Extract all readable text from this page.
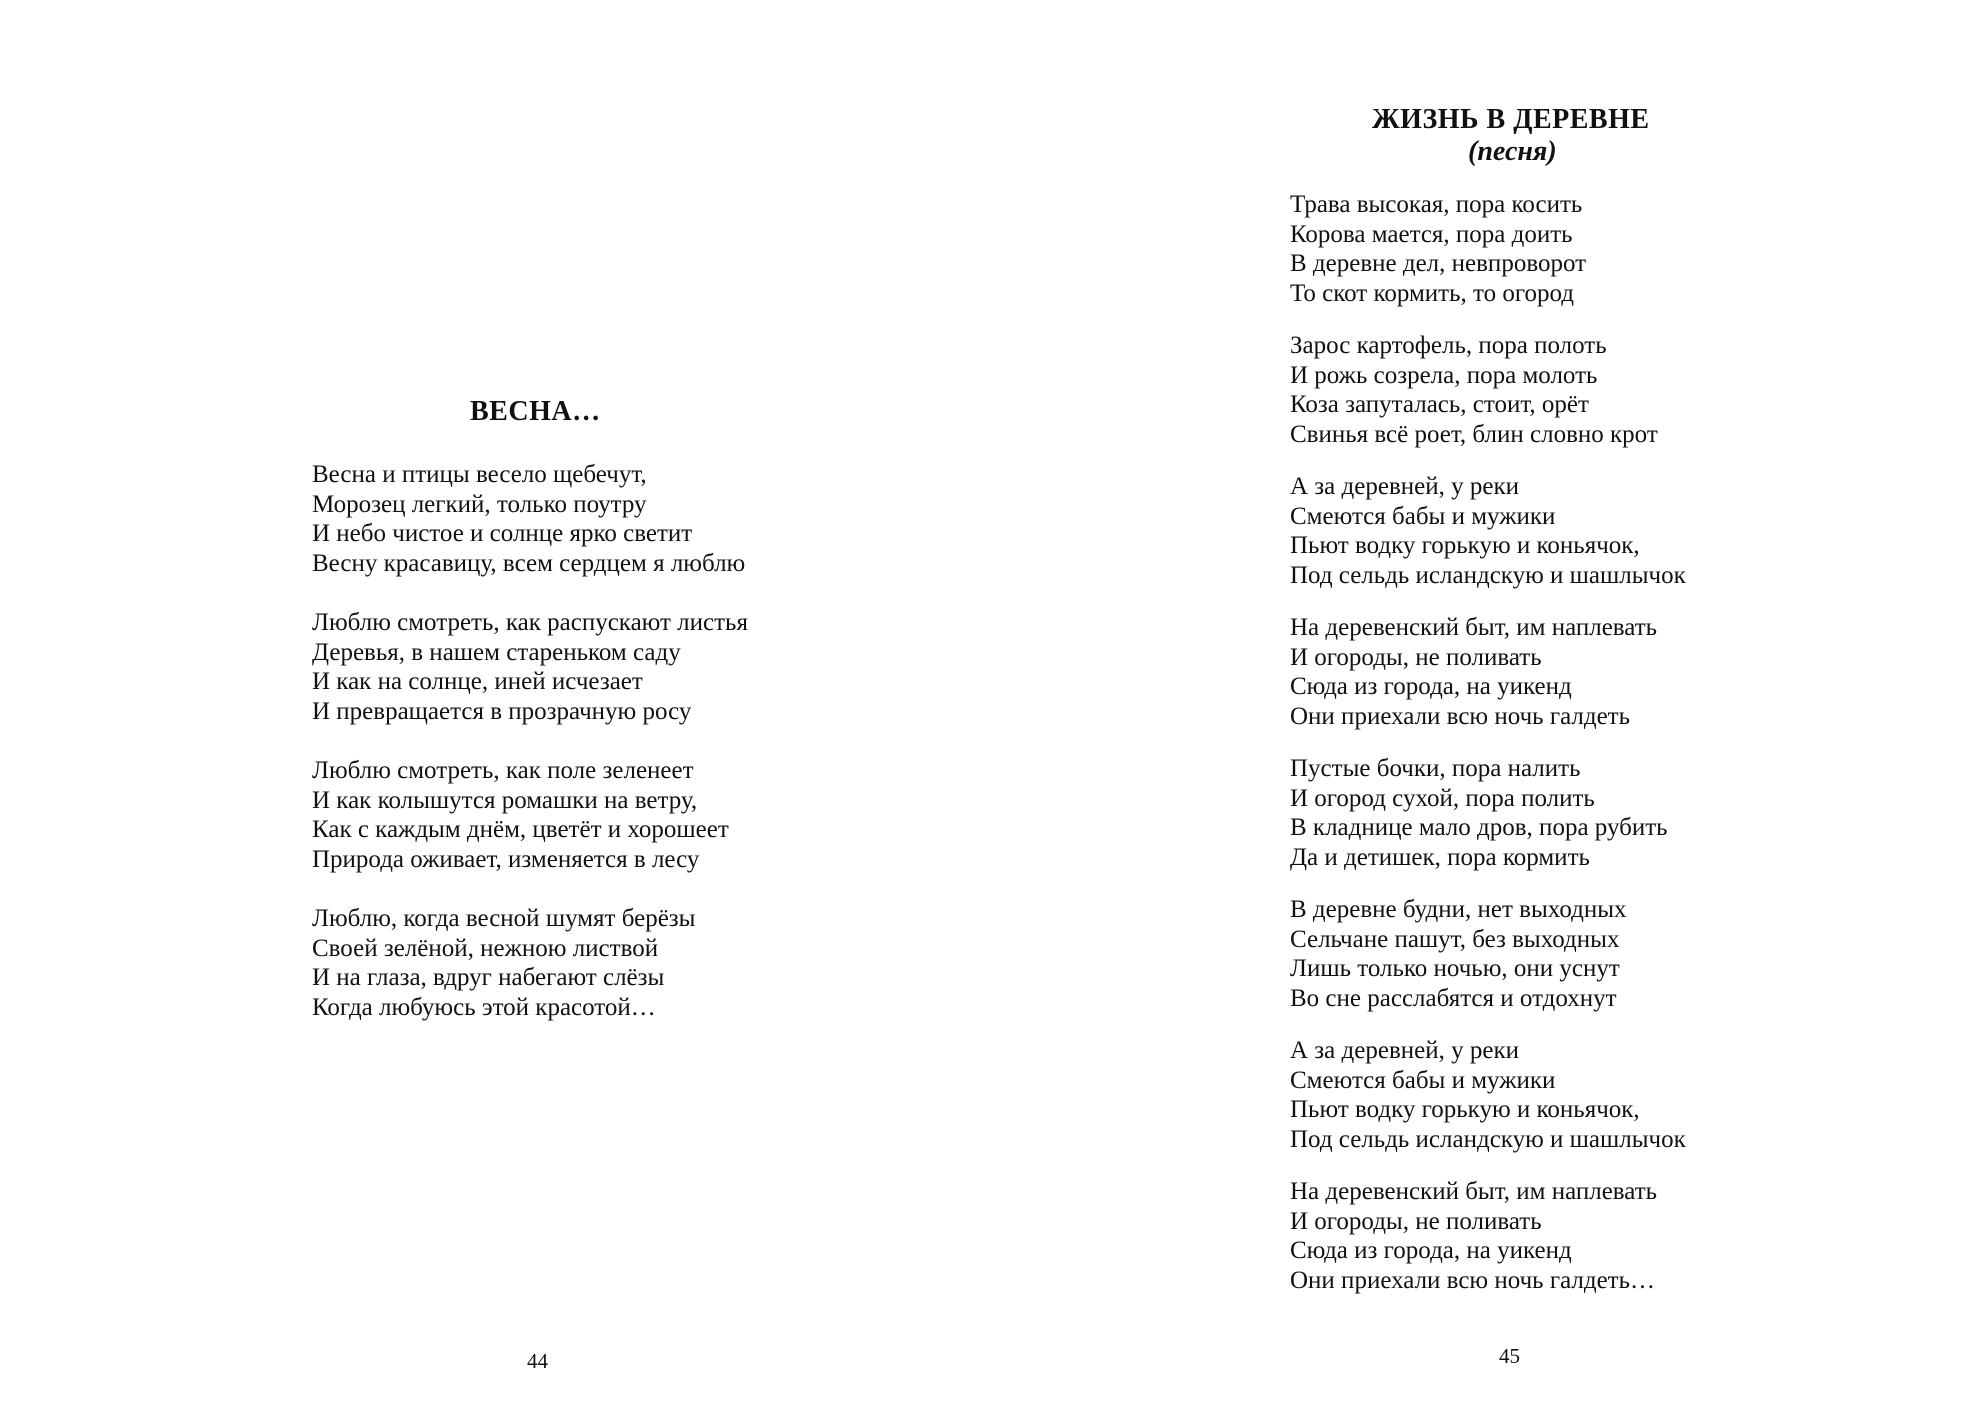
ВЕСНА…

Весна и птицы весело щебечут,
Морозец легкий, только поутру
И небо чистое и солнце ярко светит
Весну красавицу, всем сердцем я люблю

Люблю смотреть, как распускают листья
Деревья, в нашем стареньком саду
И как на солнце, иней исчезает
И превращается в прозрачную росу

Люблю смотреть, как поле зеленеет
И как колышутся ромашки на ветру,
Как с каждым днём, цветёт и хорошеет
Природа оживает, изменяется в лесу

Люблю, когда весной шумят берёзы
Своей зелёной, нежною листвой
И на глаза, вдруг набегают слёзы
Когда любуюсь этой красотой…

44
ЖИЗНЬ В ДЕРЕВНЕ
(песня)

Трава высокая, пора косить
Корова мается, пора доить
В деревне дел, невпроворот
То скот кормить, то огород

Зарос картофель, пора полоть
И рожь созрела, пора молоть
Коза запуталась, стоит, орёт
Свинья всё роет, блин словно крот

А за деревней, у реки
Смеются бабы и мужики
Пьют водку горькую и коньячок,
Под сельдь исландскую и шашлычок

На деревенский быт, им наплевать
И огороды, не поливать
Сюда из города, на уикенд
Они приехали всю ночь галдеть

Пустые бочки, пора налить
И огород сухой, пора полить
В кладнице мало дров, пора рубить
Да и детишек, пора кормить

В деревне будни, нет выходных
Сельчане пашут, без выходных
Лишь только ночью, они уснут
Во сне расслабятся и отдохнут

А за деревней, у реки
Смеются бабы и мужики
Пьют водку горькую и коньячок,
Под сельдь исландскую и шашлычок

На деревенский быт, им наплевать
И огороды, не поливать
Сюда из города, на уикенд
Они приехали всю ночь галдеть…

45
